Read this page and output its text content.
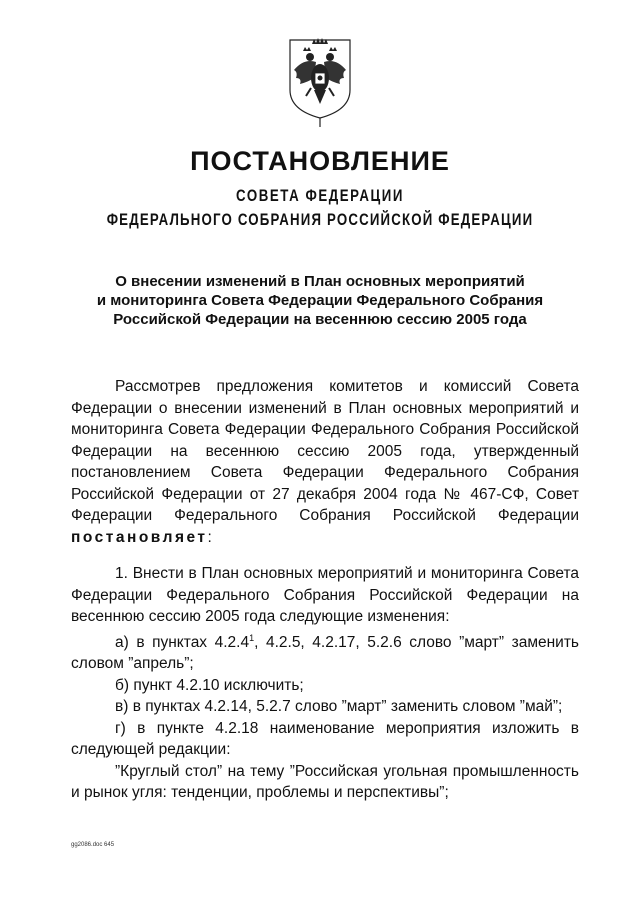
ПОСТАНОВЛЕНИЕ
СОВЕТА ФЕДЕРАЦИИ
ФЕДЕРАЛЬНОГО СОБРАНИЯ РОССИЙСКОЙ ФЕДЕРАЦИИ
О внесении изменений в План основных мероприятий
и мониторинга Совета Федерации Федерального Собрания
Российской Федерации на весеннюю сессию 2005 года

Рассмотрев предложения комитетов и комиссий Совета Федерации о внесении изменений в План основных мероприятий и мониторинга Совета Федерации Федерального Собрания Российской Федерации на весеннюю сессию 2005 года, утвержденный постановлением Совета Федерации Федерального Собрания Российской Федерации от 27 декабря 2004 года № 467-СФ, Совет Федерации Федерального Собрания Российской Федерации постановляет:

1. Внести в План основных мероприятий и мониторинга Совета Федерации Федерального Собрания Российской Федерации на весеннюю сессию 2005 года следующие изменения:

а) в пунктах 4.2.4$^1$, 4.2.5, 4.2.17, 5.2.6 слово ”март” заменить словом ”апрель”;

б) пункт 4.2.10 исключить;

в) в пунктах 4.2.14, 5.2.7 слово ”март” заменить словом ”май”;

г) в пункте 4.2.18 наименование мероприятия изложить в следующей редакции:

”Круглый стол” на тему ”Российская угольная промышленность и рынок угля: тенденции, проблемы и перспективы”;

gg2086.doc 645
